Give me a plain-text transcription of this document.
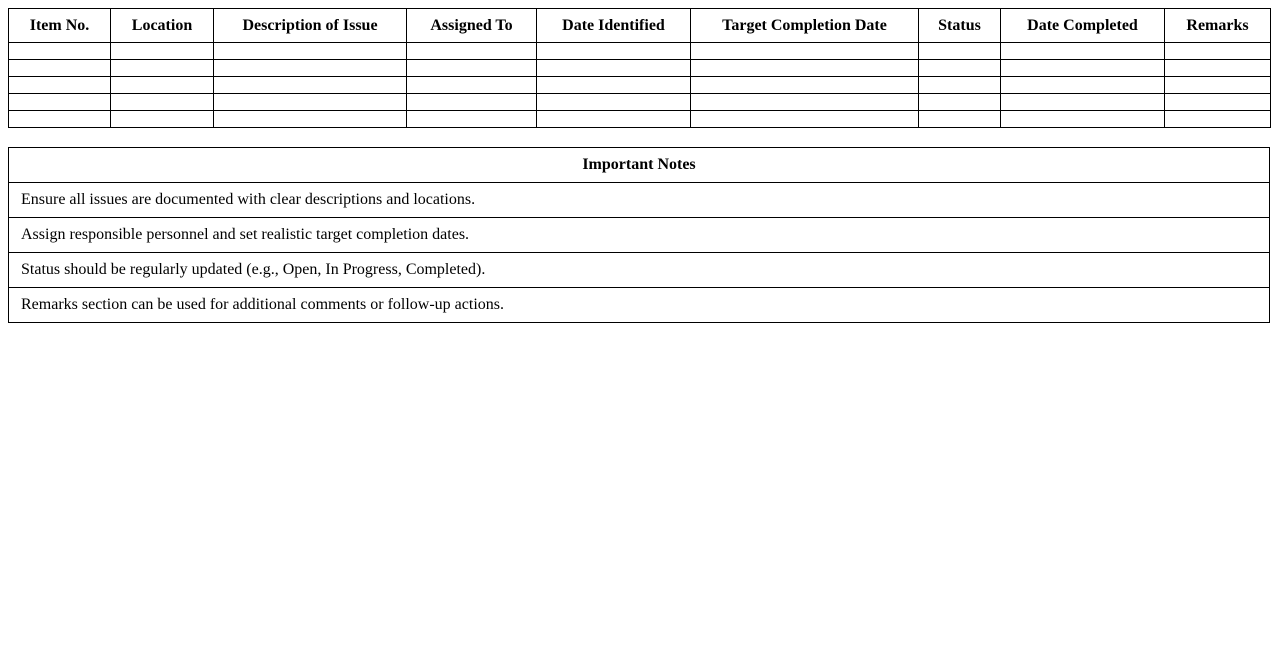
Item No.	Location	Description of Issue	Assigned To	Date Identified	Target Completion Date	Status	Date Completed	Remarks

Important Notes
Ensure all issues are documented with clear descriptions and locations.
Assign responsible personnel and set realistic target completion dates.
Status should be regularly updated (e.g., Open, In Progress, Completed).
Remarks section can be used for additional comments or follow-up actions.
